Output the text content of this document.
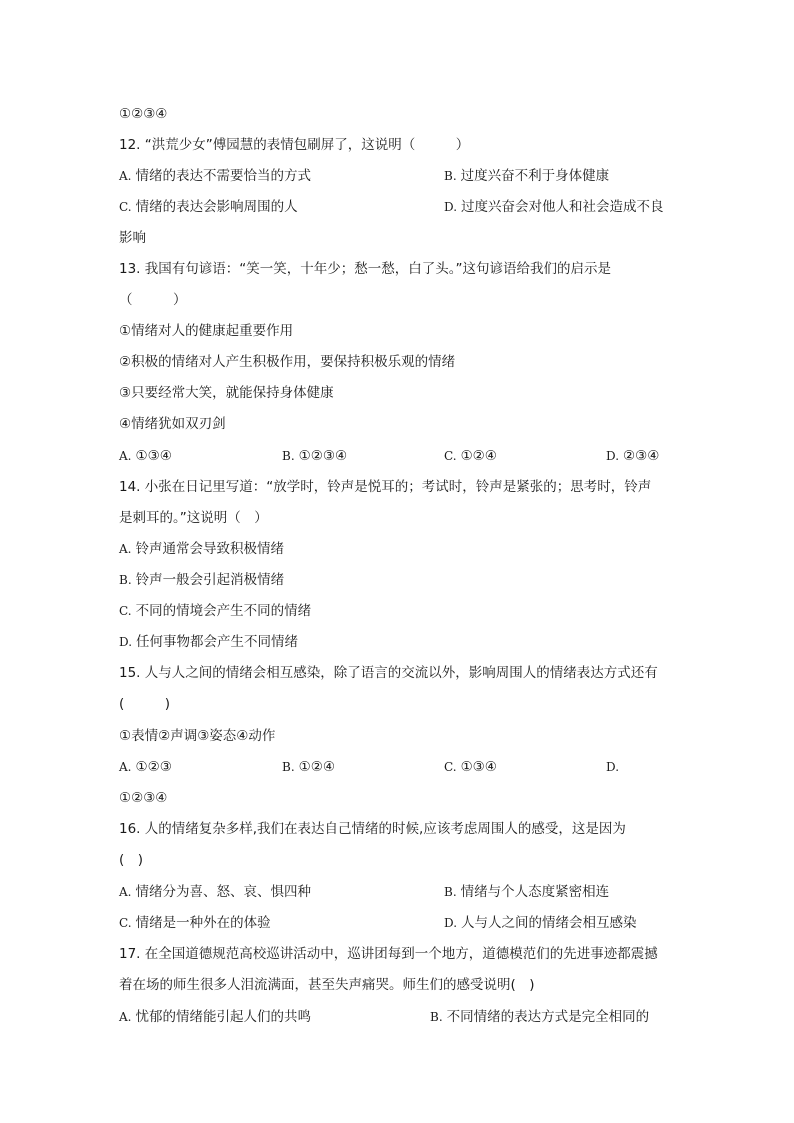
①②③④
12. “洪荒少女”傅园慧的表情包刷屏了，这说明（　　　）
A. 情绪的表达不需要恰当的方式	B. 过度兴奋不利于身体健康
C. 情绪的表达会影响周围的人	D. 过度兴奋会对他人和社会造成不良
影响
13. 我国有句谚语：“笑一笑，十年少；愁一愁，白了头。”这句谚语给我们的启示是
（　　　）
①情绪对人的健康起重要作用
②积极的情绪对人产生积极作用，要保持积极乐观的情绪
③只要经常大笑，就能保持身体健康
④情绪犹如双刃剑
A. ①③④	B. ①②③④	C. ①②④	D. ②③④
14. 小张在日记里写道：“放学时，铃声是悦耳的；考试时，铃声是紧张的；思考时，铃声
是刺耳的。”这说明（　）
A. 铃声通常会导致积极情绪
B. 铃声一般会引起消极情绪
C. 不同的情境会产生不同的情绪
D. 任何事物都会产生不同情绪
15. 人与人之间的情绪会相互感染，除了语言的交流以外，影响周围人的情绪表达方式还有
(　　　)
①表情②声调③姿态④动作
A. ①②③	B. ①②④	C. ①③④	D.
①②③④
16. 人的情绪复杂多样,我们在表达自己情绪的时候,应该考虑周围人的感受，这是因为
(　)
A. 情绪分为喜、怒、哀、惧四种	B. 情绪与个人态度紧密相连
C. 情绪是一种外在的体验	D. 人与人之间的情绪会相互感染
17. 在全国道德规范高校巡讲活动中，巡讲团每到一个地方，道德模范们的先进事迹都震撼
着在场的师生很多人泪流满面，甚至失声痛哭。师生们的感受说明(　)
A. 忧郁的情绪能引起人们的共鸣	B. 不同情绪的表达方式是完全相同的
